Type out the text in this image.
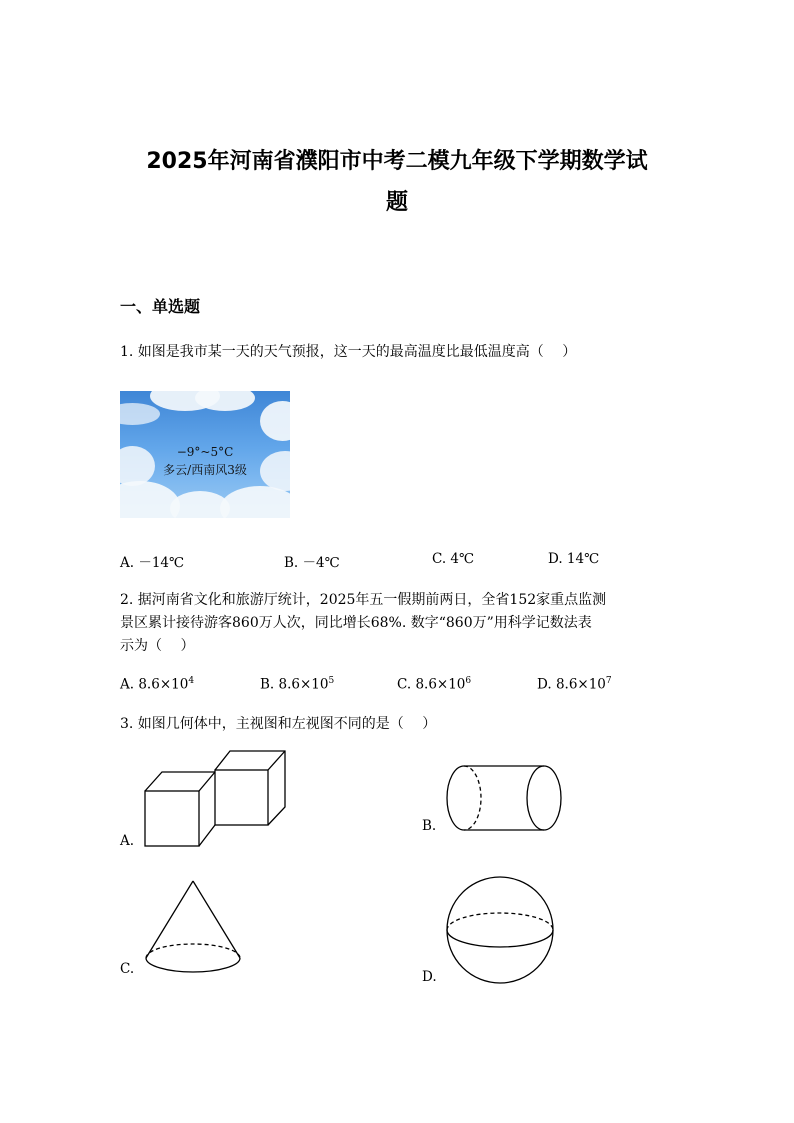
2025年河南省濮阳市中考二模九年级下学期数学试
题
一、单选题
1. 如图是我市某一天的天气预报，这一天的最高温度比最低温度高（　 ）
−9°~5°C
多云/西南风3级
A. －14℃	B. －4℃	C. 4℃	D. 14℃
2. 据河南省文化和旅游厅统计，2025年五一假期前两日，全省152家重点监测
景区累计接待游客860万人次，同比增长68%. 数字“860万”用科学记数法表
示为（　 ）
A. $8.6\times 10^4$	B. $8.6\times 10^5$	C. $8.6\times 10^6$	D. $8.6\times 10^7$
3. 如图几何体中，主视图和左视图不同的是（　 ）
A.
B.
C.	D.
